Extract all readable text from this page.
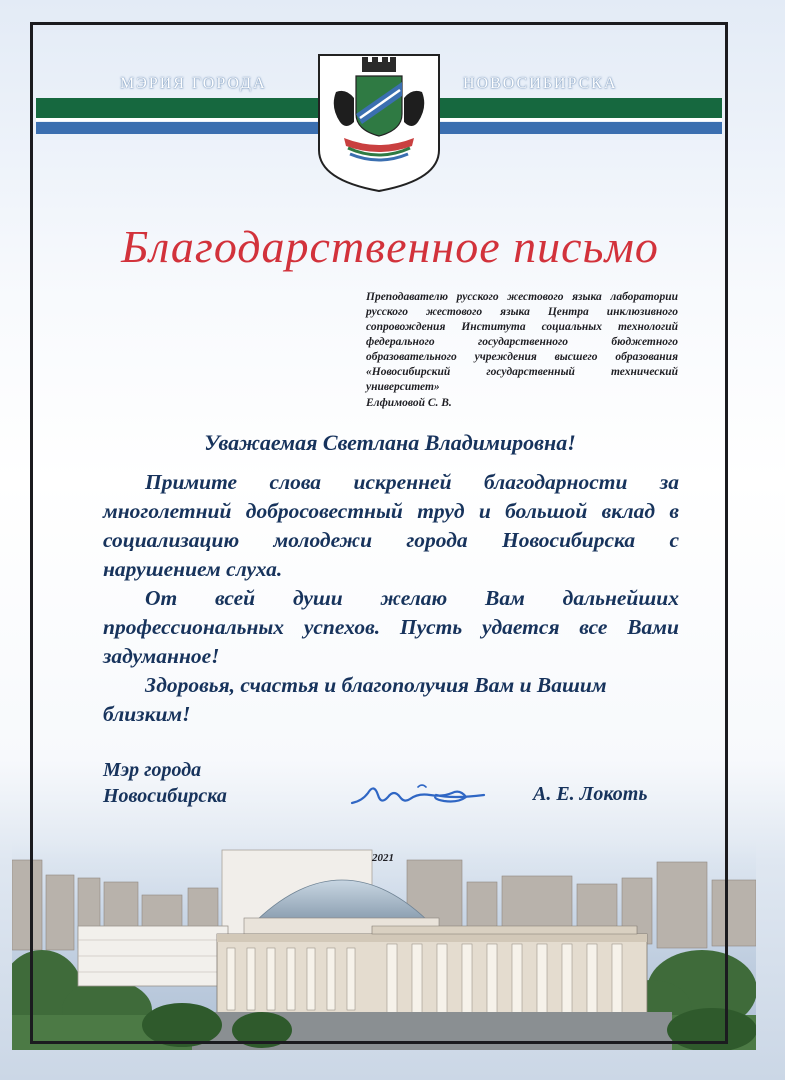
МЭРИЯ ГОРОДА	НОВОСИБИРСКА
Благодарственное письмо
Преподавателю русского жестового языка лаборатории русского жестового языка Центра инклюзивного сопровождения Института социальных технологий федерального государственного бюджетного образовательного учреждения высшего образования «Новосибирский государственный технический университет»
Елфимовой С. В.
Уважаемая Светлана Владимировна!

Примите слова искренней благодарности за многолетний добросовестный труд и большой вклад в социализацию молодежи города Новосибирска с нарушением слуха.

От всей души желаю Вам дальнейших профессиональных успехов. Пусть удается все Вами задуманное!

Здоровья, счастья и благополучия Вам и Вашим близким!

Мэр города
Новосибирска	А. Е. Локоть
2021
